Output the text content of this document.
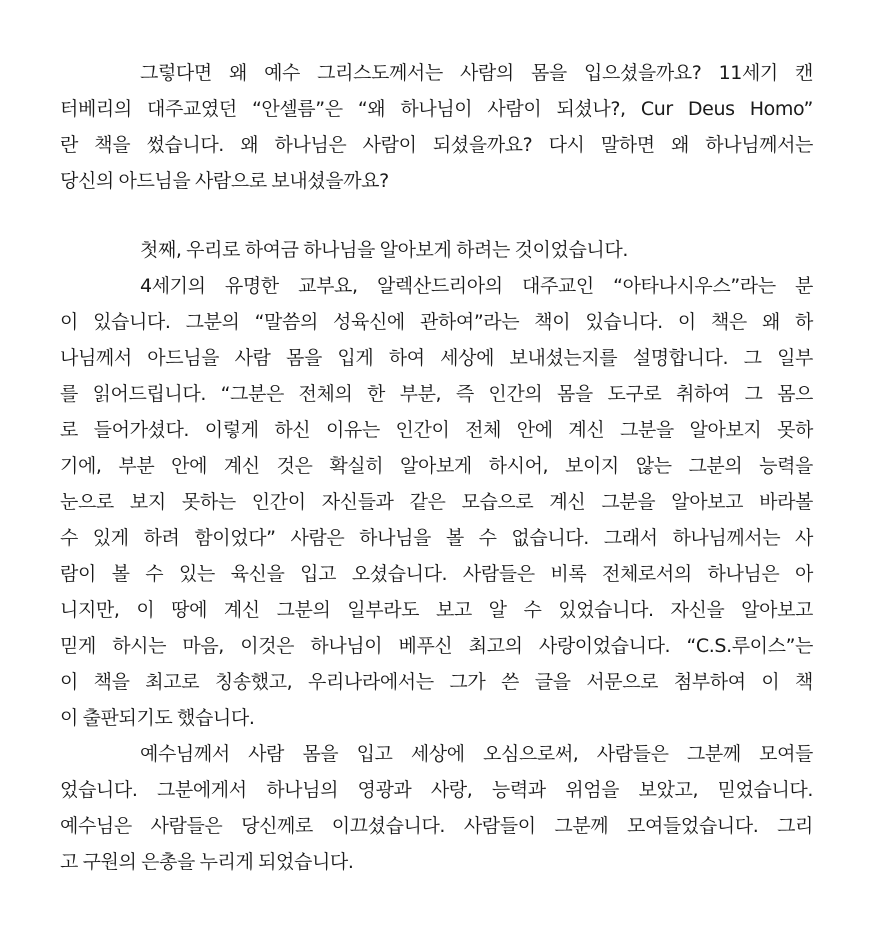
그렇다면 왜 예수 그리스도께서는 사람의 몸을 입으셨을까요? 11세기 캔
터베리의 대주교였던 “안셀름”은 “왜 하나님이 사람이 되셨나?, Cur Deus Homo”
란 책을 썼습니다. 왜 하나님은 사람이 되셨을까요? 다시 말하면 왜 하나님께서는
당신의 아드님을 사람으로 보내셨을까요?
첫째, 우리로 하여금 하나님을 알아보게 하려는 것이었습니다.
4세기의 유명한 교부요, 알렉산드리아의 대주교인 “아타나시우스”라는 분
이 있습니다. 그분의 “말씀의 성육신에 관하여”라는 책이 있습니다. 이 책은 왜 하
나님께서 아드님을 사람 몸을 입게 하여 세상에 보내셨는지를 설명합니다. 그 일부
를 읽어드립니다. “그분은 전체의 한 부분, 즉 인간의 몸을 도구로 취하여 그 몸으
로 들어가셨다. 이렇게 하신 이유는 인간이 전체 안에 계신 그분을 알아보지 못하
기에, 부분 안에 계신 것은 확실히 알아보게 하시어, 보이지 않는 그분의 능력을
눈으로 보지 못하는 인간이 자신들과 같은 모습으로 계신 그분을 알아보고 바라볼
수 있게 하려 함이었다” 사람은 하나님을 볼 수 없습니다. 그래서 하나님께서는 사
람이 볼 수 있는 육신을 입고 오셨습니다. 사람들은 비록 전체로서의 하나님은 아
니지만, 이 땅에 계신 그분의 일부라도 보고 알 수 있었습니다. 자신을 알아보고
믿게 하시는 마음, 이것은 하나님이 베푸신 최고의 사랑이었습니다. “C.S.루이스”는
이 책을 최고로 칭송했고, 우리나라에서는 그가 쓴 글을 서문으로 첨부하여 이 책
이 출판되기도 했습니다.
예수님께서 사람 몸을 입고 세상에 오심으로써, 사람들은 그분께 모여들
었습니다. 그분에게서 하나님의 영광과 사랑, 능력과 위엄을 보았고, 믿었습니다.
예수님은 사람들은 당신께로 이끄셨습니다. 사람들이 그분께 모여들었습니다. 그리
고 구원의 은총을 누리게 되었습니다.
